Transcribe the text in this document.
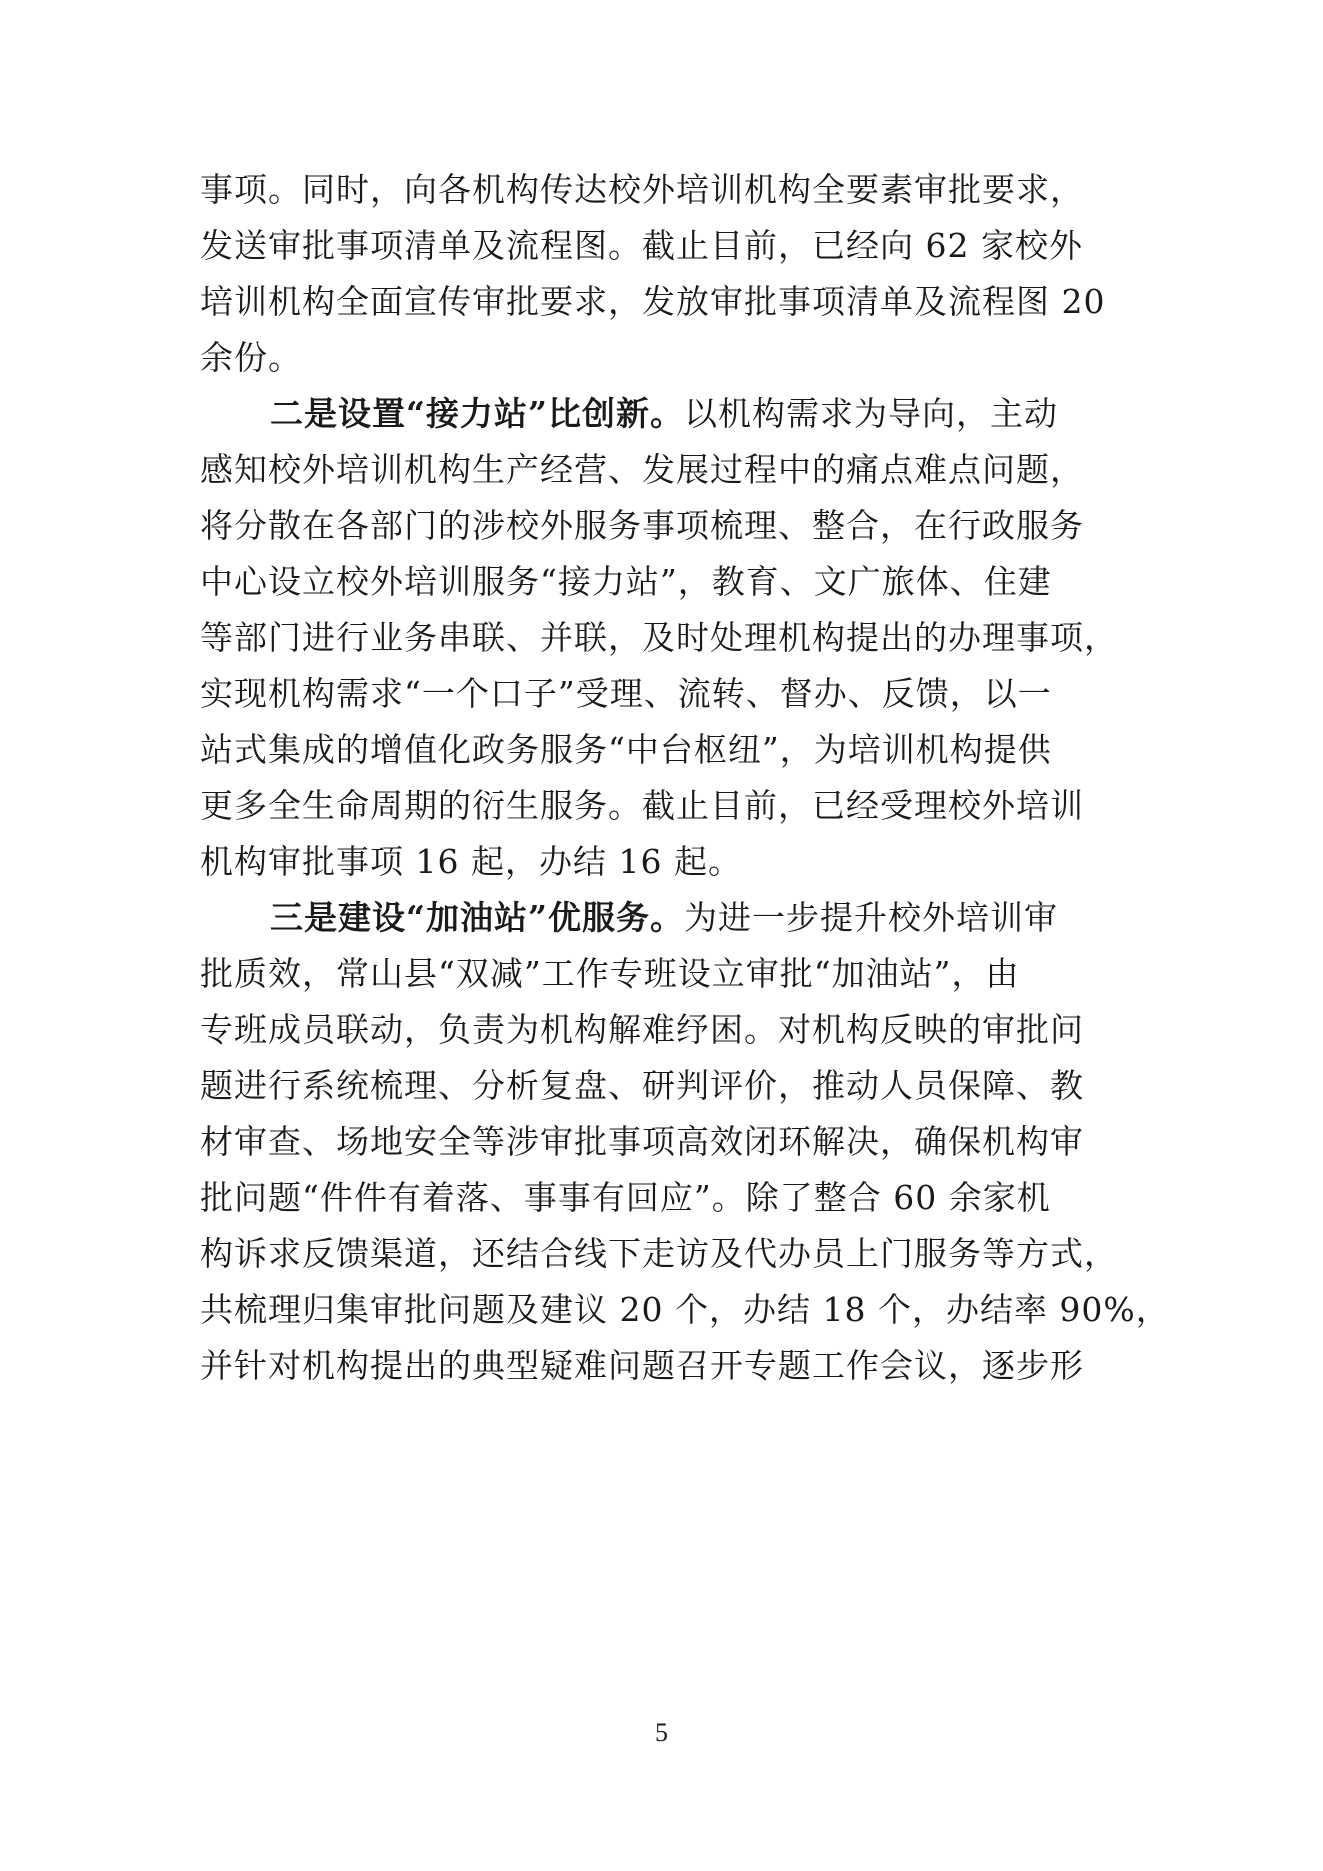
事项。同时，向各机构传达校外培训机构全要素审批要求，
发送审批事项清单及流程图。截止目前，已经向 62 家校外
培训机构全面宣传审批要求，发放审批事项清单及流程图 20
余份。
二是设置“接力站”比创新。以机构需求为导向，主动
感知校外培训机构生产经营、发展过程中的痛点难点问题，
将分散在各部门的涉校外服务事项梳理、整合，在行政服务
中心设立校外培训服务“接力站”，教育、文广旅体、住建
等部门进行业务串联、并联，及时处理机构提出的办理事项，
实现机构需求“一个口子”受理、流转、督办、反馈，以一
站式集成的增值化政务服务“中台枢纽”，为培训机构提供
更多全生命周期的衍生服务。截止目前，已经受理校外培训
机构审批事项 16 起，办结 16 起。
三是建设“加油站”优服务。为进一步提升校外培训审
批质效，常山县“双减”工作专班设立审批“加油站”，由
专班成员联动，负责为机构解难纾困。对机构反映的审批问
题进行系统梳理、分析复盘、研判评价，推动人员保障、教
材审查、场地安全等涉审批事项高效闭环解决，确保机构审
批问题“件件有着落、事事有回应”。除了整合 60 余家机
构诉求反馈渠道，还结合线下走访及代办员上门服务等方式，
共梳理归集审批问题及建议 20 个，办结 18 个，办结率 90%，
并针对机构提出的典型疑难问题召开专题工作会议，逐步形
5
